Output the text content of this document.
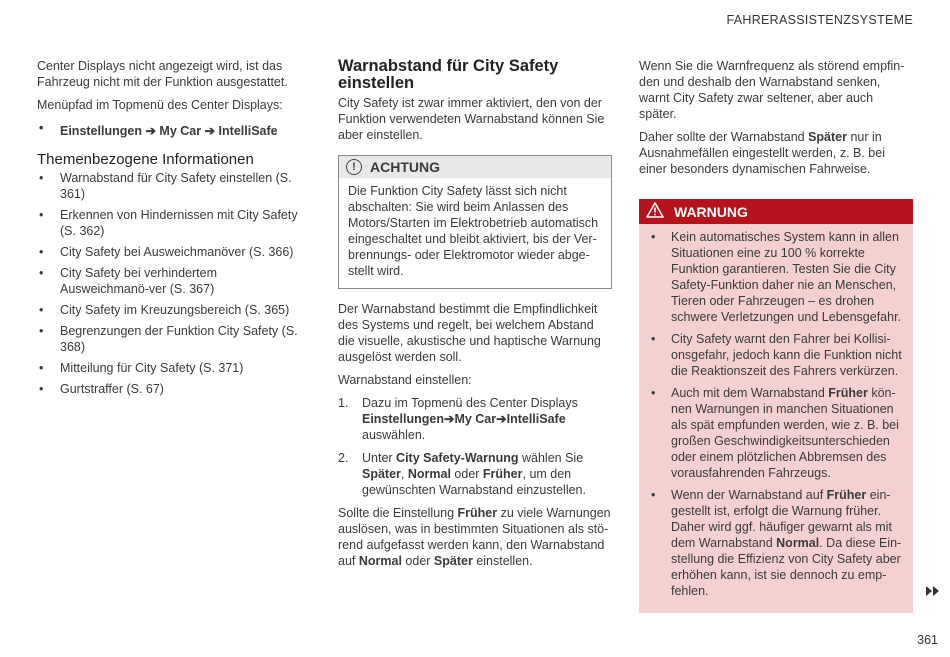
FAHRERASSISTENZSYSTEME

Center Displays nicht angezeigt wird, ist das Fahrzeug nicht mit der Funktion ausgestattet.

Menüpfad im Topmenü des Center Displays:

• Einstellungen ➔ My Car ➔ IntelliSafe
Themenbezogene Informationen
• Warnabstand für City Safety einstellen (S. 361)
• Erkennen von Hindernissen mit City Safety (S. 362)
• City Safety bei Ausweichmanöver (S. 366)
• City Safety bei verhindertem Ausweichmanö-ver (S. 367)
• City Safety im Kreuzungsbereich (S. 365)
• Begrenzungen der Funktion City Safety (S. 368)
• Mitteilung für City Safety (S. 371)
• Gurtstraffer (S. 67)
Warnabstand für City Safety einstellen

City Safety ist zwar immer aktiviert, den von der Funktion verwendeten Warnabstand können Sie aber einstellen.

!	ACHTUNG
Die Funktion City Safety lässt sich nicht abschalten: Sie wird beim Anlassen des Motors/Starten im Elektrobetrieb automatisch eingeschaltet und bleibt aktiviert, bis der Ver-brennungs- oder Elektromotor wieder abge-stellt wird.

Der Warnabstand bestimmt die Empfindlichkeit des Systems und regelt, bei welchem Abstand die visuelle, akustische und haptische Warnung ausgelöst werden soll.

Warnabstand einstellen:

1. Dazu im Topmenü des Center Displays
Einstellungen➔My Car➔IntelliSafe
auswählen.
2. Unter City Safety-Warnung wählen Sie Später, Normal oder Früher, um den gewünschten Warnabstand einzustellen.

Sollte die Einstellung Früher zu viele Warnungen auslösen, was in bestimmten Situationen als stö-rend aufgefasst werden kann, den Warnabstand auf Normal oder Später einstellen.

Wenn Sie die Warnfrequenz als störend empfin-den und deshalb den Warnabstand senken, warnt City Safety zwar seltener, aber auch später.

Daher sollte der Warnabstand Später nur in Ausnahmefällen eingestellt werden, z. B. bei einer besonders dynamischen Fahrweise.

WARNUNG
• Kein automatisches System kann in allen Situationen eine zu 100 % korrekte Funktion garantieren. Testen Sie die City Safety-Funktion daher nie an Menschen, Tieren oder Fahrzeugen – es drohen schwere Verletzungen und Lebensgefahr.
• City Safety warnt den Fahrer bei Kollisi-onsgefahr, jedoch kann die Funktion nicht die Reaktionszeit des Fahrers verkürzen.
• Auch mit dem Warnabstand Früher kön-nen Warnungen in manchen Situationen als spät empfunden werden, wie z. B. bei großen Geschwindigkeitsunterschieden oder einem plötzlichen Abbremsen des vorausfahrenden Fahrzeugs.
• Wenn der Warnabstand auf Früher ein-gestellt ist, erfolgt die Warnung früher. Daher wird ggf. häufiger gewarnt als mit dem Warnabstand Normal. Da diese Ein-stellung die Effizienz von City Safety aber erhöhen kann, ist sie dennoch zu emp-fehlen.
361
